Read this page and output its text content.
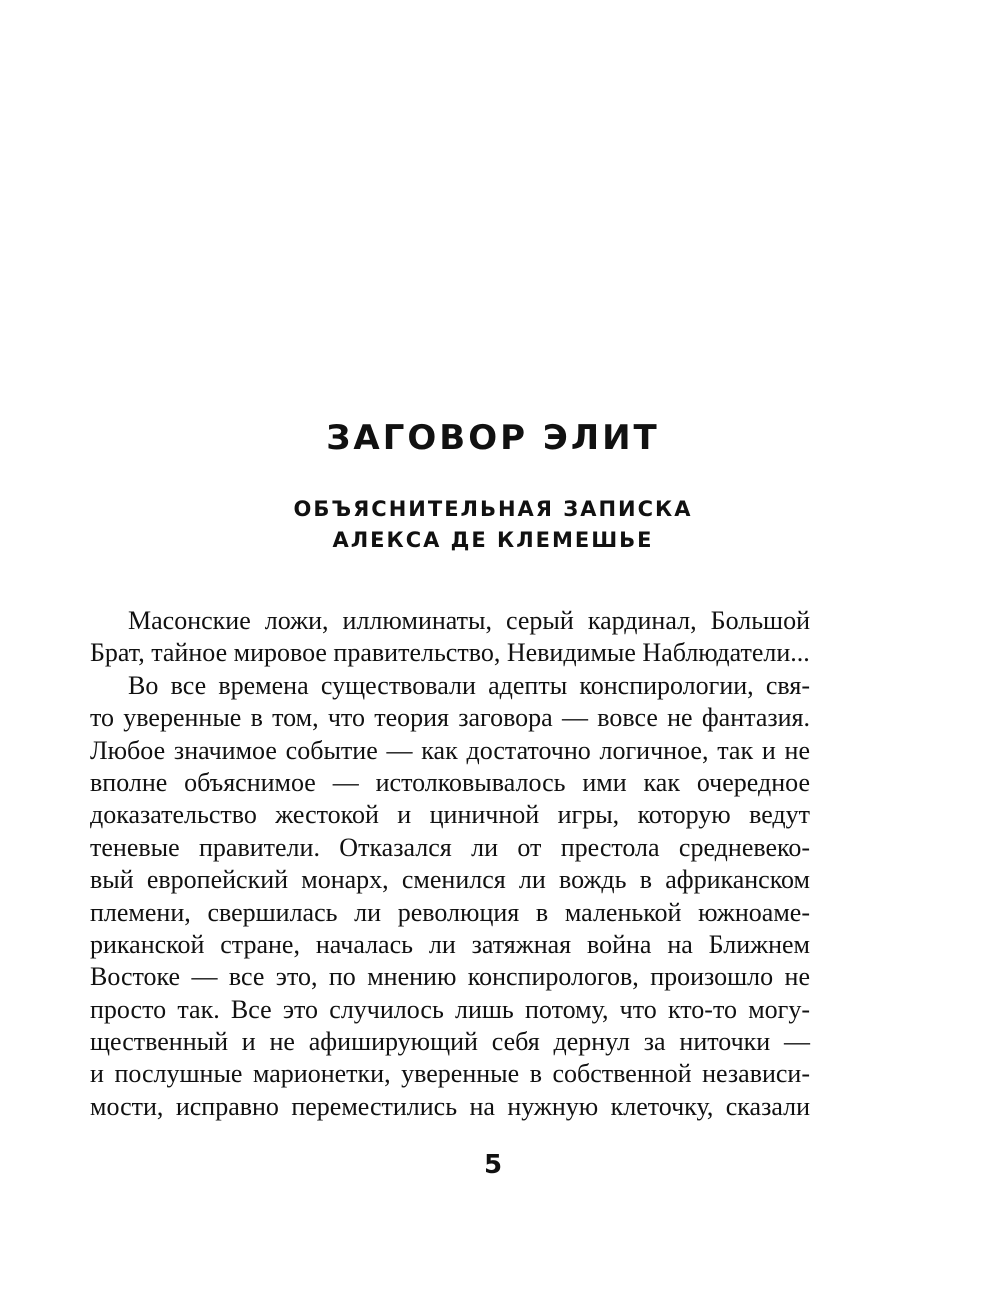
ЗАГОВОР ЭЛИТ
ОБЪЯСНИТЕЛЬНАЯ ЗАПИСКА
АЛЕКСА ДЕ КЛЕМЕШЬЕ
Масонские ложи, иллюминаты, серый кардинал, Большой
Брат, тайное мировое правительство, Невидимые Наблюдатели...
Во все времена существовали адепты конспирологии, свя-
то уверенные в том, что теория заговора — вовсе не фантазия.
Любое значимое событие — как достаточно логичное, так и не
вполне объяснимое — истолковывалось ими как очередное
доказательство жестокой и циничной игры, которую ведут
теневые правители. Отказался ли от престола средневеко-
вый европейский монарх, сменился ли вождь в африканском
племени, свершилась ли революция в маленькой южноаме-
риканской стране, началась ли затяжная война на Ближнем
Востоке — все это, по мнению конспирологов, произошло не
просто так. Все это случилось лишь потому, что кто-то могу-
щественный и не афиширующий себя дернул за ниточки —
и послушные марионетки, уверенные в собственной независи-
мости, исправно переместились на нужную клеточку, сказали
5
